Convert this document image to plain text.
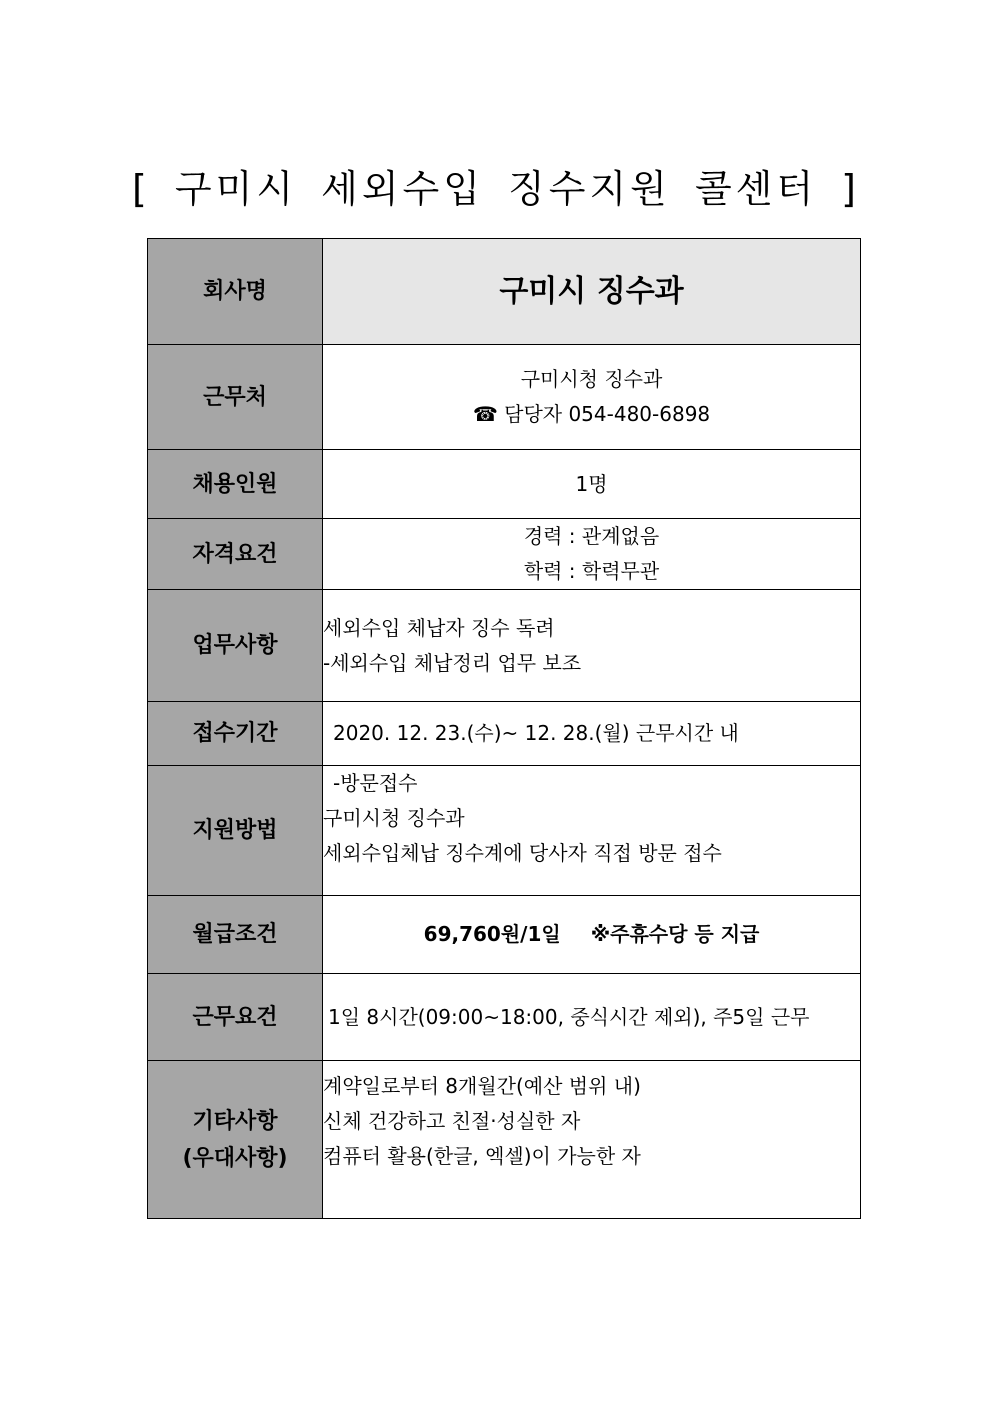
[ 구미시 세외수입 징수지원 콜센터 ]
회사명	구미시 징수과
근무처	구미시청 징수과
☎ 담당자 054-480-6898

채용인원	1명
자격요건	경력 : 관계없음
학력 : 학력무관

업무사항	세외수입 체납자 징수 독려
-세외수입 체납정리 업무 보조

접수기간	2020. 12. 23.(수)~ 12. 28.(월) 근무시간 내

지원방법	-방문접수
구미시청 징수과
세외수입체납 징수계에 당사자 직접 방문 접수

월급조건	69,760원/1일 ※주휴수당 등 지급
근무요건	1일 8시간(09:00~18:00, 중식시간 제외), 주5일 근무

기타사항
(우대사항)	계약일로부터 8개월간(예산 범위 내)
신체 건강하고 친절·성실한 자
컴퓨터 활용(한글, 엑셀)이 가능한 자
